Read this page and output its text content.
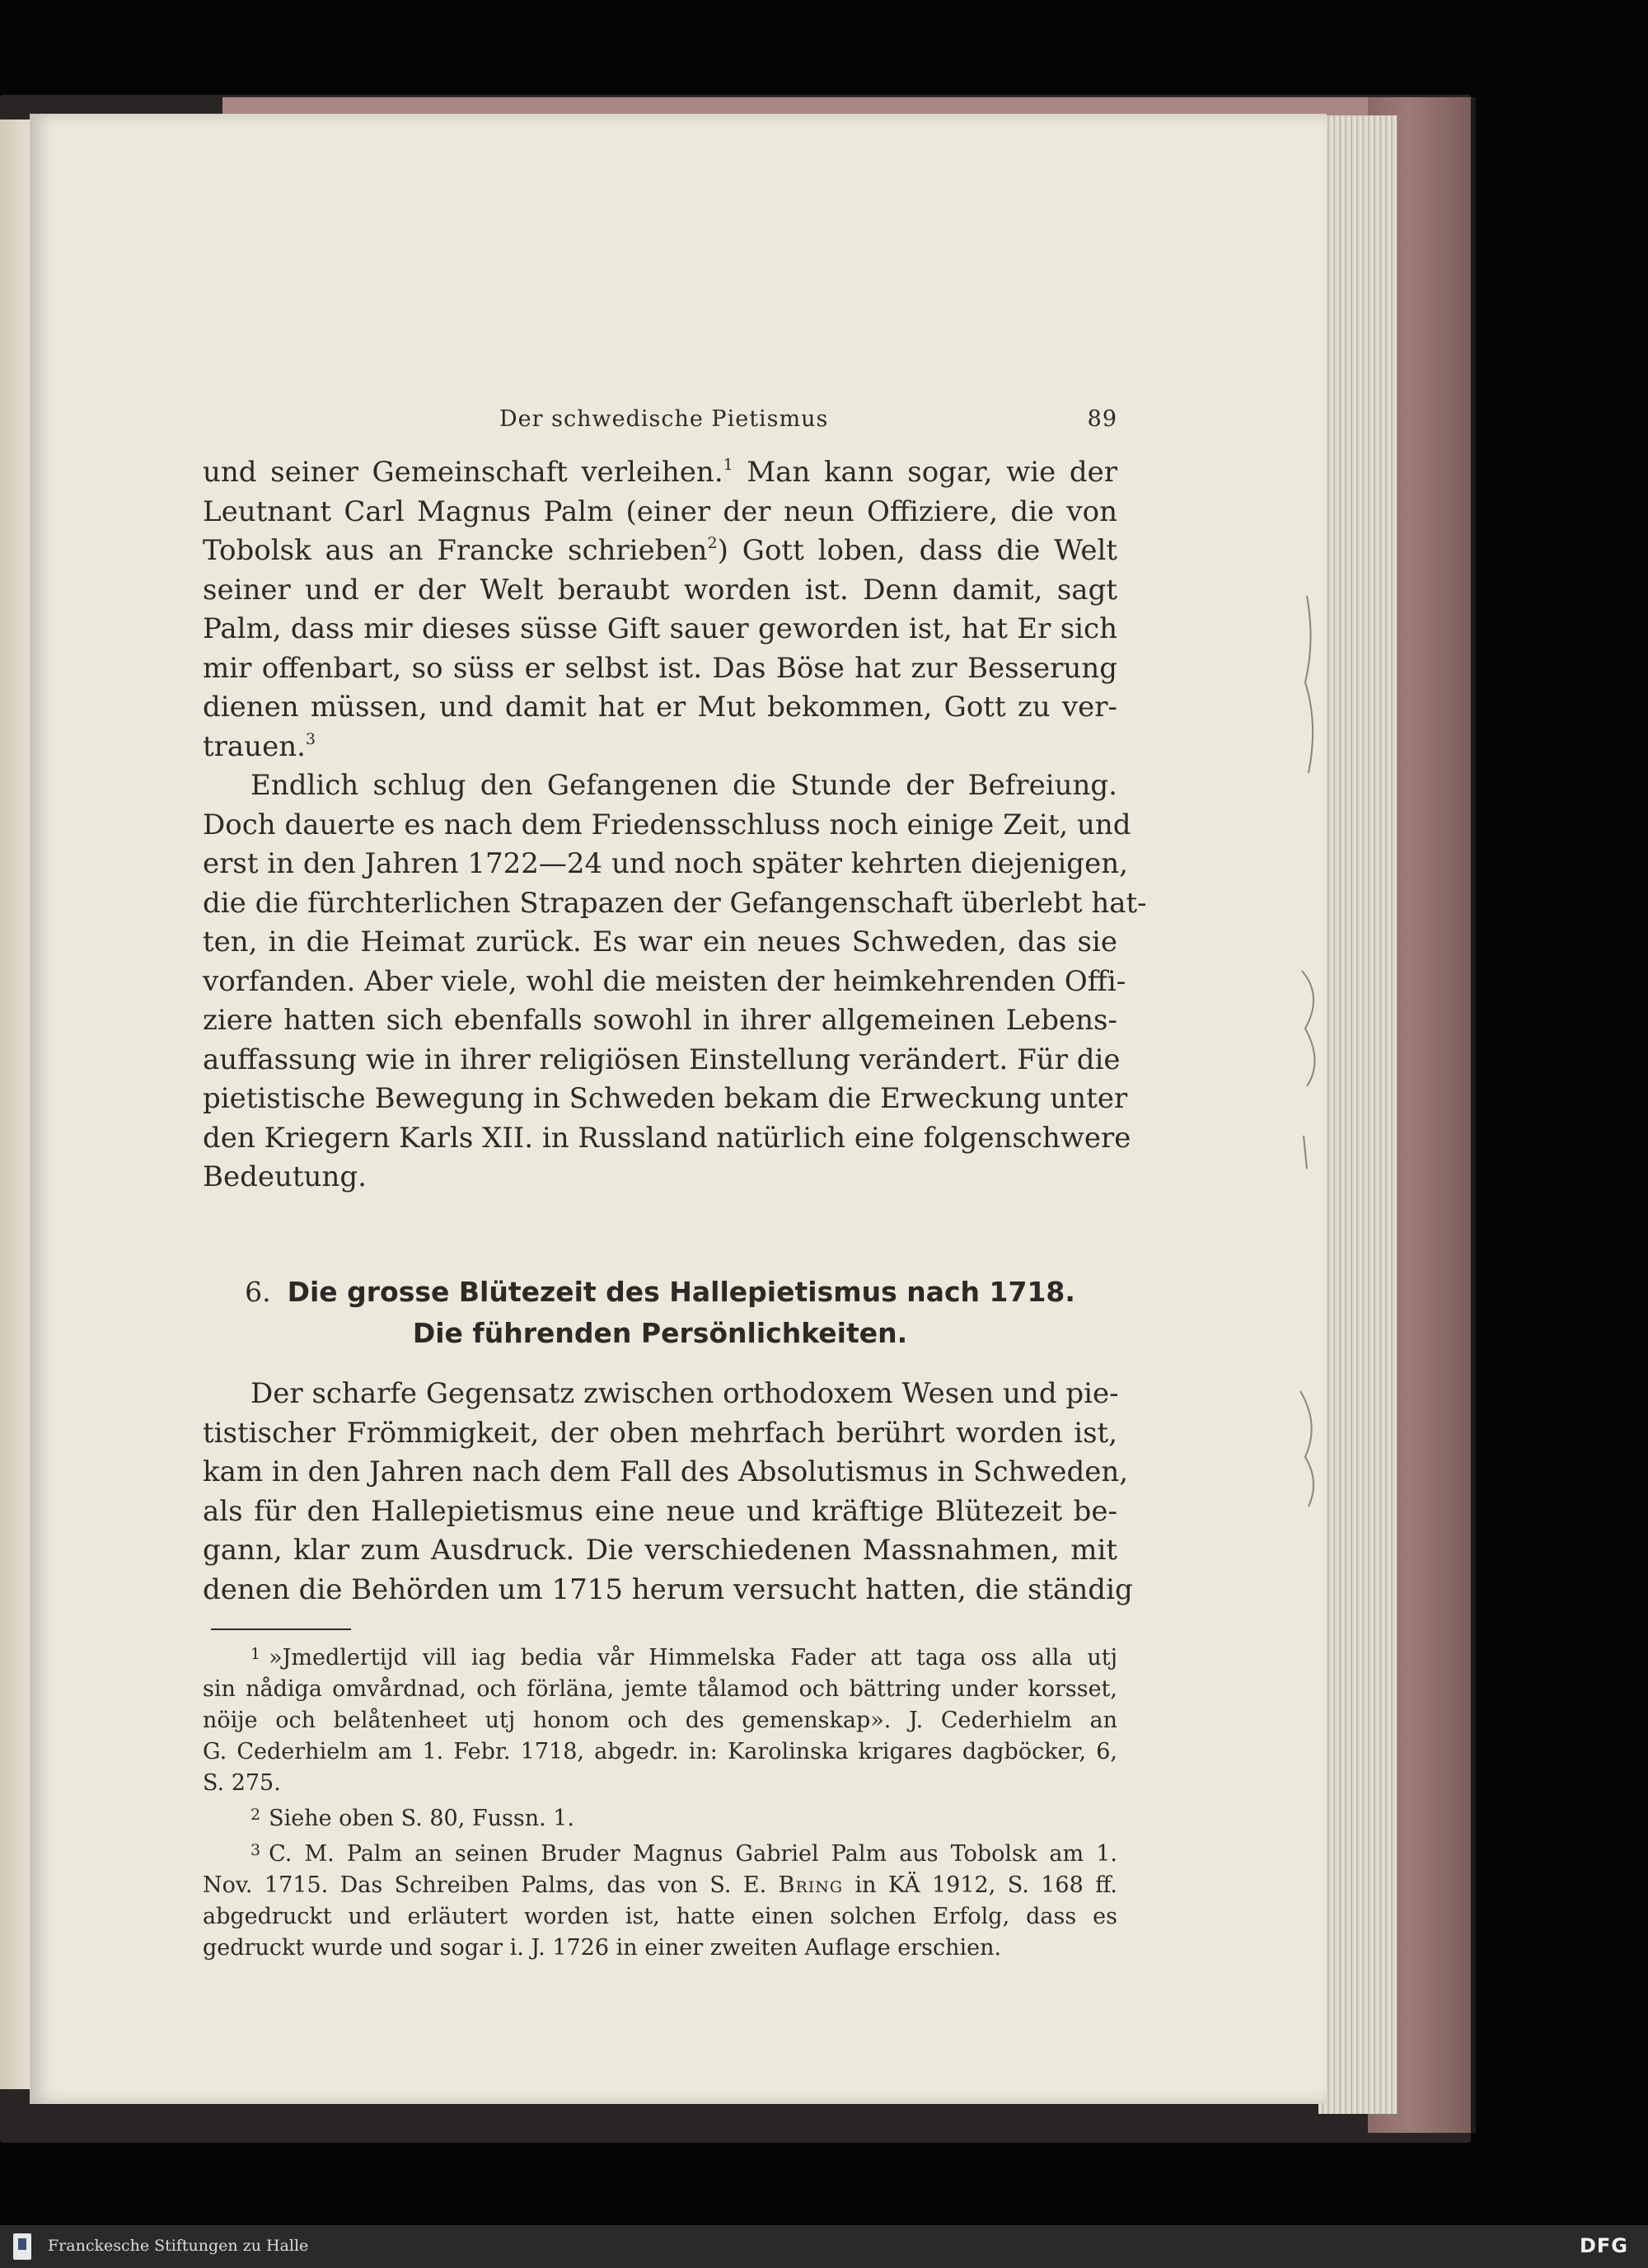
Der schwedische Pietismus	89
und seiner Gemeinschaft verleihen.$^1$ Man kann sogar, wie der
Leutnant Carl Magnus Palm (einer der neun Offiziere, die von
Tobolsk aus an Francke schrieben$^2$) Gott loben, dass die Welt
seiner und er der Welt beraubt worden ist. Denn damit, sagt
Palm, dass mir dieses süsse Gift sauer geworden ist, hat Er sich
mir offenbart, so süss er selbst ist. Das Böse hat zur Besserung
dienen müssen, und damit hat er Mut bekommen, Gott zu ver-
trauen.$^3$
Endlich schlug den Gefangenen die Stunde der Befreiung.
Doch dauerte es nach dem Friedensschluss noch einige Zeit, und
erst in den Jahren 1722—24 und noch später kehrten diejenigen,
die die fürchterlichen Strapazen der Gefangenschaft überlebt hat-
ten, in die Heimat zurück. Es war ein neues Schweden, das sie
vorfanden. Aber viele, wohl die meisten der heimkehrenden Offi-
ziere hatten sich ebenfalls sowohl in ihrer allgemeinen Lebens-
auffassung wie in ihrer religiösen Einstellung verändert. Für die
pietistische Bewegung in Schweden bekam die Erweckung unter
den Kriegern Karls XII. in Russland natürlich eine folgenschwere
Bedeutung.
6. Die grosse Blütezeit des Hallepietismus nach 1718.
Die führenden Persönlichkeiten.
Der scharfe Gegensatz zwischen orthodoxem Wesen und pie-
tistischer Frömmigkeit, der oben mehrfach berührt worden ist,
kam in den Jahren nach dem Fall des Absolutismus in Schweden,
als für den Hallepietismus eine neue und kräftige Blütezeit be-
gann, klar zum Ausdruck. Die verschiedenen Massnahmen, mit
denen die Behörden um 1715 herum versucht hatten, die ständig
$^1$ »Jmedlertijd vill iag bedia vår Himmelska Fader att taga oss alla utj
sin nådiga omvårdnad, och förläna, jemte tålamod och bättring under korsset,
nöije och belåtenheet utj honom och des gemenskap». J. Cederhielm an
G. Cederhielm am 1. Febr. 1718, abgedr. in: Karolinska krigares dagböcker, 6,
S. 275.
$^2$ Siehe oben S. 80, Fussn. 1.
$^3$ C. M. Palm an seinen Bruder Magnus Gabriel Palm aus Tobolsk am 1.
Nov. 1715. Das Schreiben Palms, das von S. E. Bring in KÄ 1912, S. 168 ff.
abgedruckt und erläutert worden ist, hatte einen solchen Erfolg, dass es
gedruckt wurde und sogar i. J. 1726 in einer zweiten Auflage erschien.
Franckesche Stiftungen zu Halle	DFG
